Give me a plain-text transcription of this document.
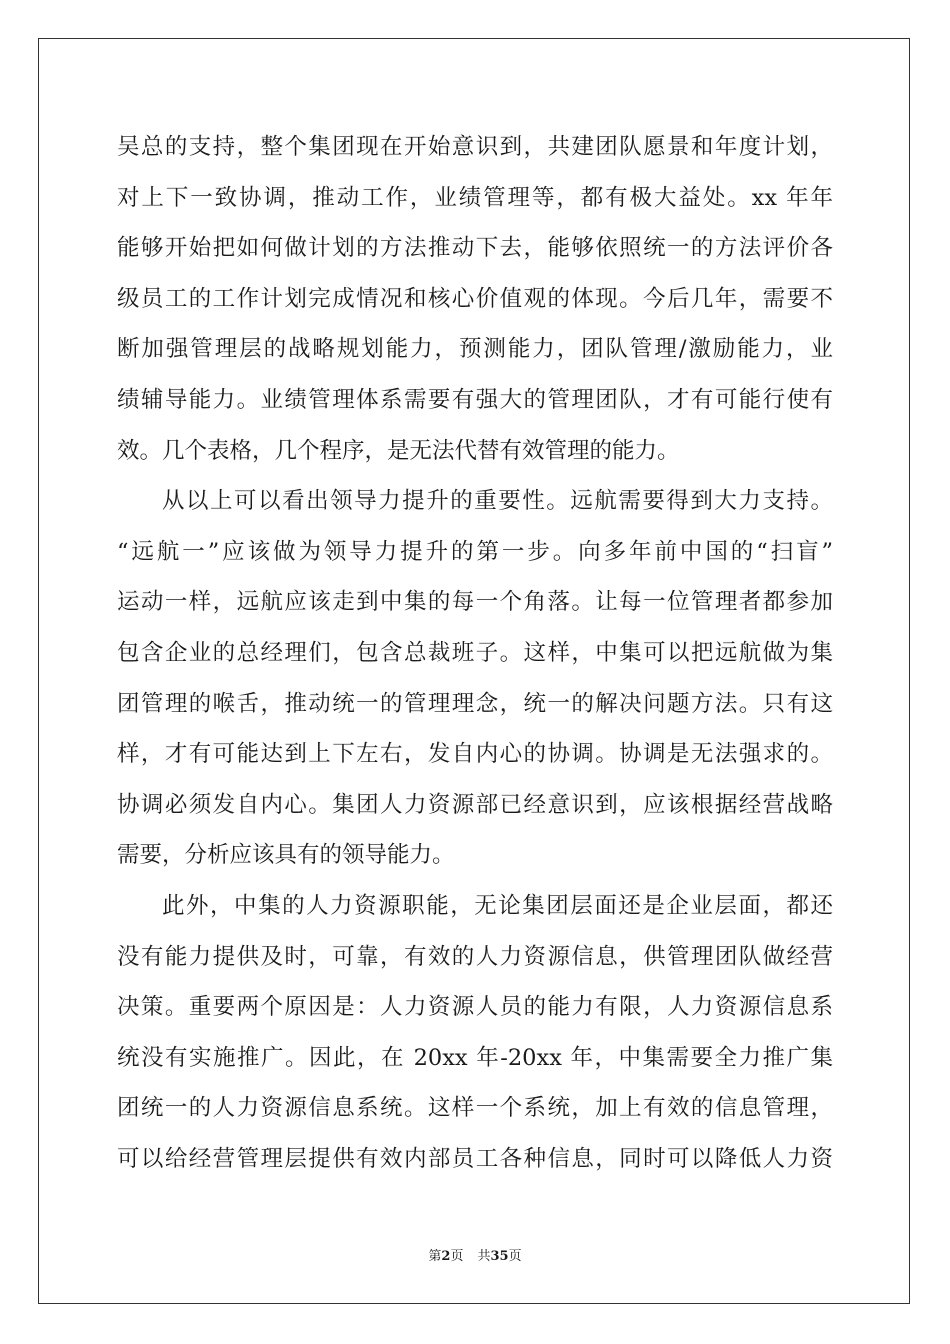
吴总的支持，整个集团现在开始意识到，共建团队愿景和年度计划，
对上下一致协调，推动工作，业绩管理等，都有极大益处。xx 年年
能够开始把如何做计划的方法推动下去，能够依照统一的方法评价各
级员工的工作计划完成情况和核心价值观的体现。今后几年，需要不
断加强管理层的战略规划能力，预测能力，团队管理/激励能力，业
绩辅导能力。业绩管理体系需要有强大的管理团队，才有可能行使有
效。几个表格，几个程序，是无法代替有效管理的能力。
从以上可以看出领导力提升的重要性。远航需要得到大力支持。
“远航一”应该做为领导力提升的第一步。向多年前中国的“扫盲”
运动一样，远航应该走到中集的每一个角落。让每一位管理者都参加
包含企业的总经理们，包含总裁班子。这样，中集可以把远航做为集
团管理的喉舌，推动统一的管理理念，统一的解决问题方法。只有这
样，才有可能达到上下左右，发自内心的协调。协调是无法强求的。
协调必须发自内心。集团人力资源部已经意识到，应该根据经营战略
需要，分析应该具有的领导能力。
此外，中集的人力资源职能，无论集团层面还是企业层面，都还
没有能力提供及时，可靠，有效的人力资源信息，供管理团队做经营
决策。重要两个原因是：人力资源人员的能力有限，人力资源信息系
统没有实施推广。因此，在 20xx 年-20xx 年，中集需要全力推广集
团统一的人力资源信息系统。这样一个系统，加上有效的信息管理，
可以给经营管理层提供有效内部员工各种信息，同时可以降低人力资
第2页 共35页
